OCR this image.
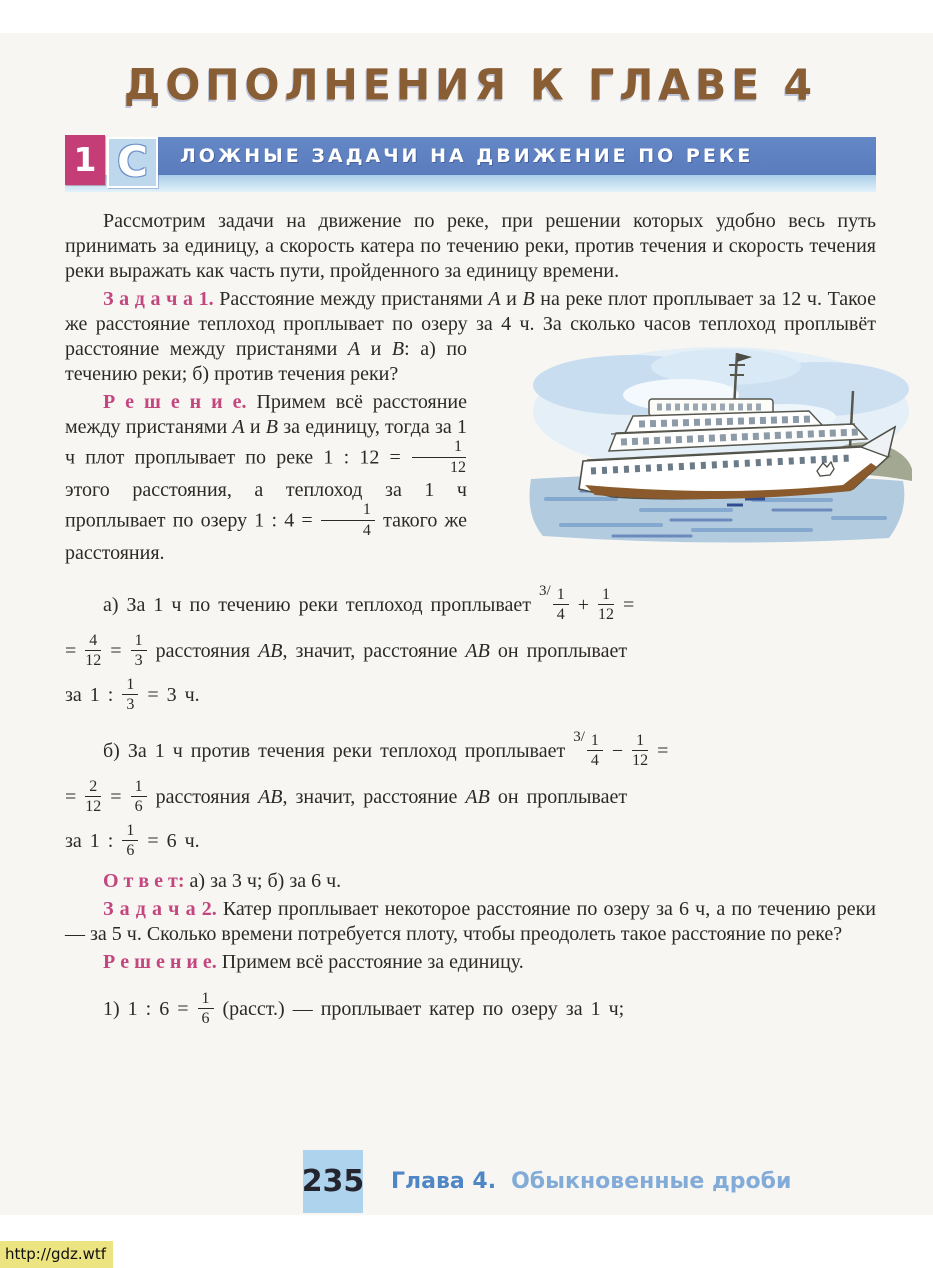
ДОПОЛНЕНИЯ К ГЛАВЕ 4
ЛОЖНЫЕ ЗАДАЧИ НА ДВИЖЕНИЕ ПО РЕКЕ
1 С
Рассмотрим задачи на движение по реке, при решении которых удобно весь путь принимать за единицу, а скорость катера по течению реки, против течения и скорость течения реки выражать как часть пути, пройденного за единицу времени.
З а д а ч а 1. Расстояние между пристанями А и В на реке плот проплывает за 12 ч. Такое же расстояние теплоход проплывает по озеру за 4 ч. За сколько часов теплоход проплывёт расстояние
между пристанями А и В: а) по течению реки; б) против течения реки?
Р е ш е н и е. Примем всё расстояние между пристанями А и В за единицу, тогда за 1 ч плот проплывает по реке 1 : $12 = \frac{1}{12}$
этого расстояния, а теплоход за 1 ч проплывает по озеру 1 : $4 = \frac{1}{4}$ такого же расстояния.
а) За 1 ч по течению реки теплоход проплывает $^{3/} \frac{1}{4} + \frac{1}{12}$ =
= $\frac{4}{12} = \frac{1}{3}$ расстояния АВ, значит, расстояние АВ он проплывает
за 1 : $\frac{1}{3} = 3$ ч.
б) За 1 ч против течения реки теплоход проплывает $^{3/} \frac{1}{4} - \frac{1}{12}$ =
= $\frac{2}{12} = \frac{1}{6}$ расстояния АВ, значит, расстояние АВ он проплывает
за 1 : $\frac{1}{6} = 6$ ч.
О т в е т: а) за 3 ч; б) за 6 ч.
З а д а ч а 2. Катер проплывает некоторое расстояние по озеру за 6 ч, а по течению реки — за 5 ч. Сколько времени потребуется плоту, чтобы преодолеть такое расстояние по реке?
Р е ш е н и е. Примем всё расстояние за единицу.
1) 1 : $6 = \frac{1}{6}$ (расст.) — проплывает катер по озеру за 1 ч;
235 Глава 4. Обыкновенные дроби
http://gdz.wtf
